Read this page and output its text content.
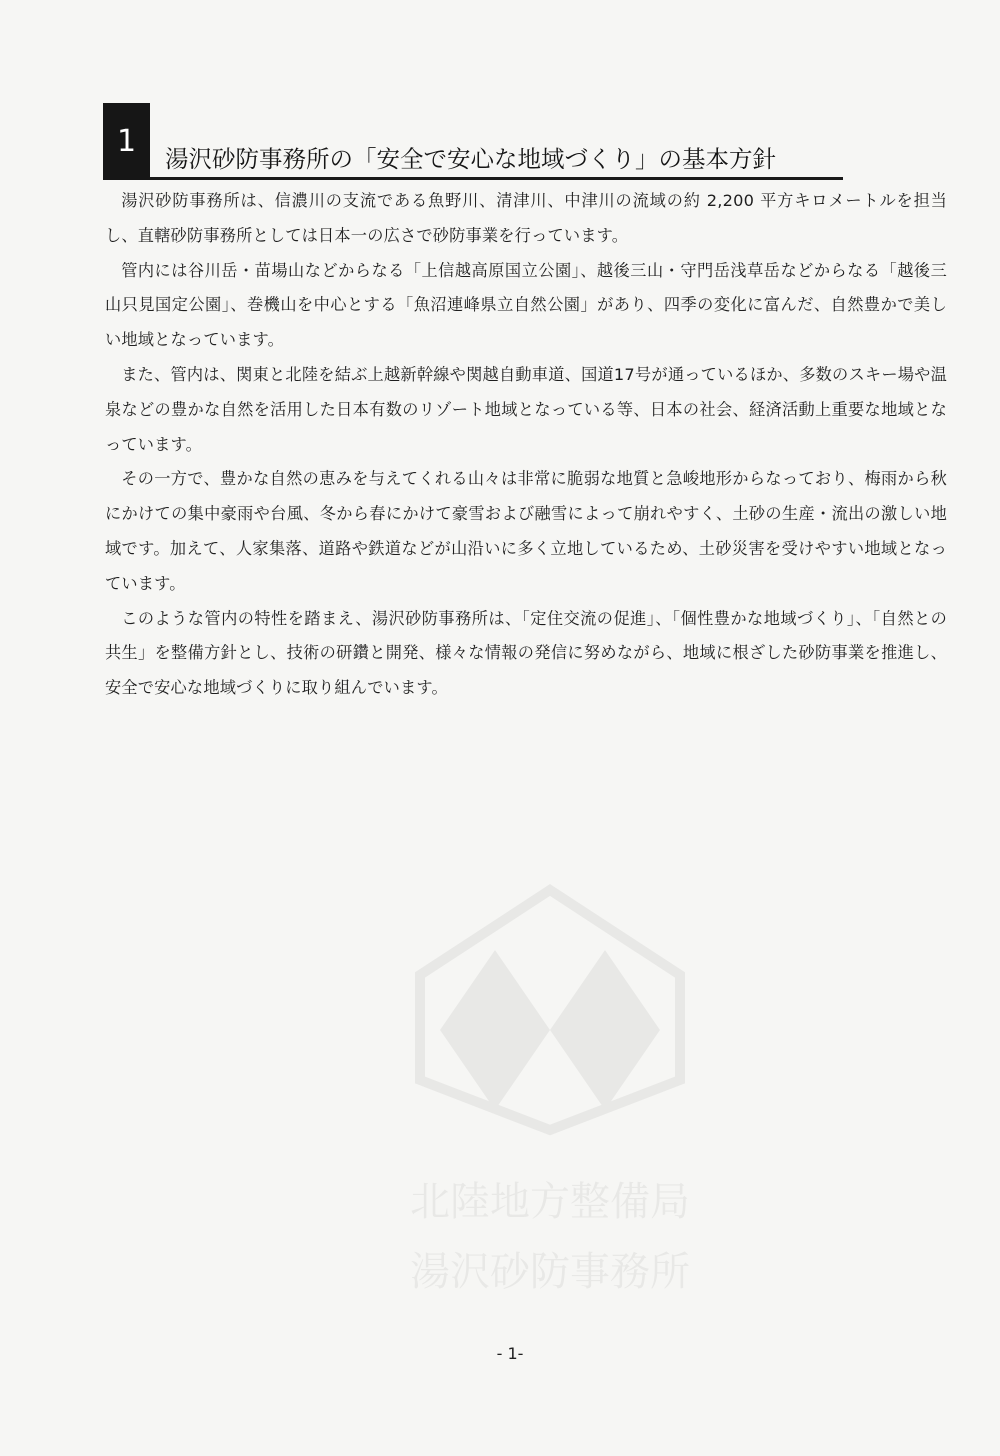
1	湯沢砂防事務所の「安全で安心な地域づくり」の基本方針

湯沢砂防事務所は、信濃川の支流である魚野川、清津川、中津川の流域の約 2,200 平方キロメートルを担当し、直轄砂防事務所としては日本一の広さで砂防事業を行っています。

管内には谷川岳・苗場山などからなる「上信越高原国立公園」、越後三山・守門岳浅草岳などからなる「越後三山只見国定公園」、巻機山を中心とする「魚沼連峰県立自然公園」があり、四季の変化に富んだ、自然豊かで美しい地域となっています。

また、管内は、関東と北陸を結ぶ上越新幹線や関越自動車道、国道17号が通っているほか、多数のスキー場や温泉などの豊かな自然を活用した日本有数のリゾート地域となっている等、日本の社会、経済活動上重要な地域となっています。

その一方で、豊かな自然の恵みを与えてくれる山々は非常に脆弱な地質と急峻地形からなっており、梅雨から秋にかけての集中豪雨や台風、冬から春にかけて豪雪および融雪によって崩れやすく、土砂の生産・流出の激しい地域です。加えて、人家集落、道路や鉄道などが山沿いに多く立地しているため、土砂災害を受けやすい地域となっています。

このような管内の特性を踏まえ、湯沢砂防事務所は、「定住交流の促進」、「個性豊かな地域づくり」、「自然との共生」を整備方針とし、技術の研鑽と開発、様々な情報の発信に努めながら、地域に根ざした砂防事業を推進し、安全で安心な地域づくりに取り組んでいます。

北陸地方整備局
湯沢砂防事務所
- 1-
